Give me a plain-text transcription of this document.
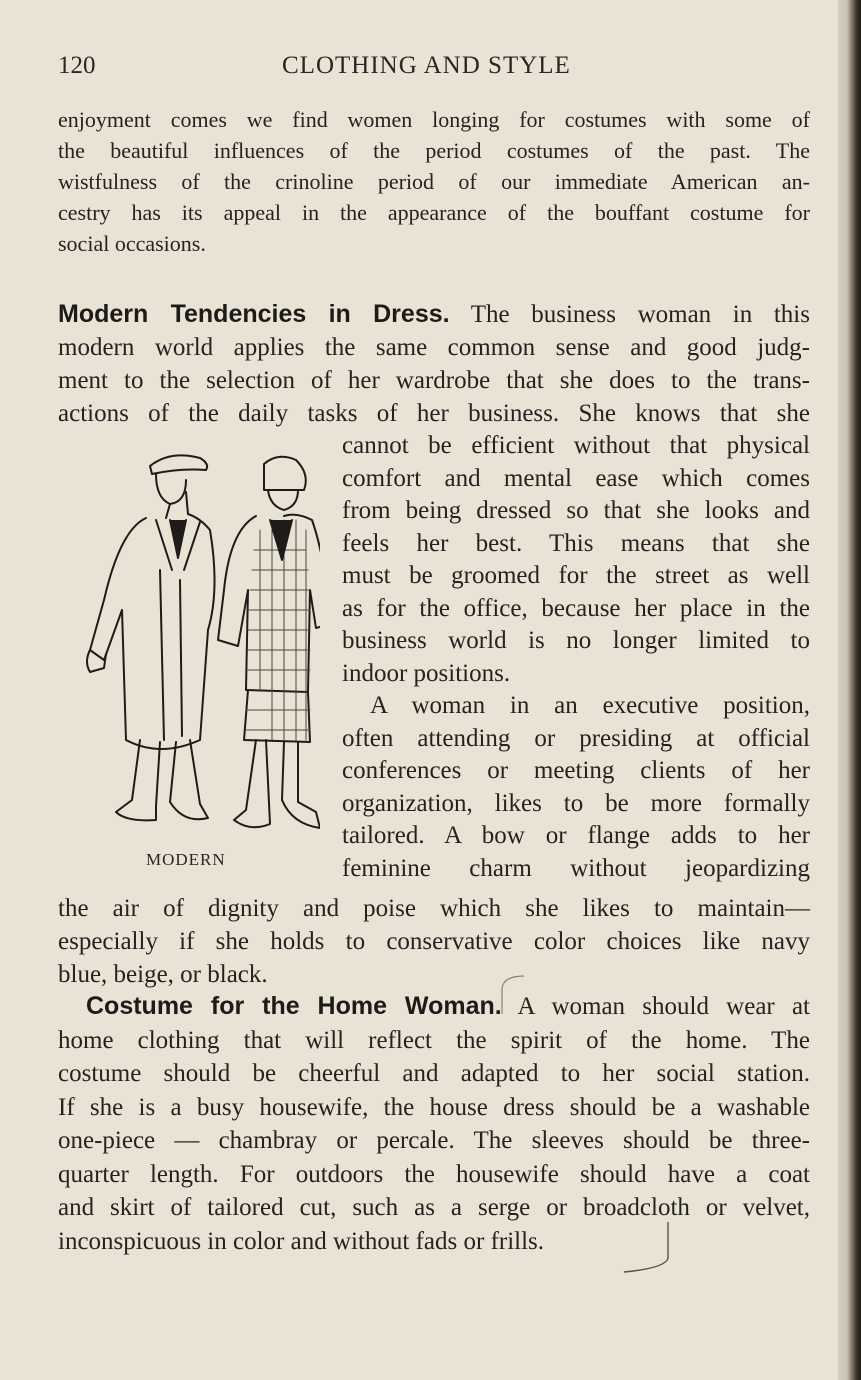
120	CLOTHING AND STYLE
enjoyment comes we find women longing for costumes with some of
the beautiful influences of the period costumes of the past. The
wistfulness of the crinoline period of our immediate American an-
cestry has its appeal in the appearance of the bouffant costume for
social occasions.
Modern Tendencies in Dress. The business woman in this
modern world applies the same common sense and good judg-
ment to the selection of her wardrobe that she does to the trans-
actions of the daily tasks of her business. She knows that she
cannot be efficient without that physical
comfort and mental ease which comes
from being dressed so that she looks and
feels her best. This means that she
must be groomed for the street as well
as for the office, because her place in the
business world is no longer limited to
indoor positions.
A woman in an executive position,
often attending or presiding at official
conferences or meeting clients of her
organization, likes to be more formally
tailored. A bow or flange adds to her
feminine charm without jeopardizing
MODERN
the air of dignity and poise which she likes to maintain—
especially if she holds to conservative color choices like navy
blue, beige, or black.
Costume for the Home Woman. A woman should wear at
home clothing that will reflect the spirit of the home. The
costume should be cheerful and adapted to her social station.
If she is a busy housewife, the house dress should be a washable
one-piece — chambray or percale. The sleeves should be three-
quarter length. For outdoors the housewife should have a coat
and skirt of tailored cut, such as a serge or broadcloth or velvet,
inconspicuous in color and without fads or frills.
